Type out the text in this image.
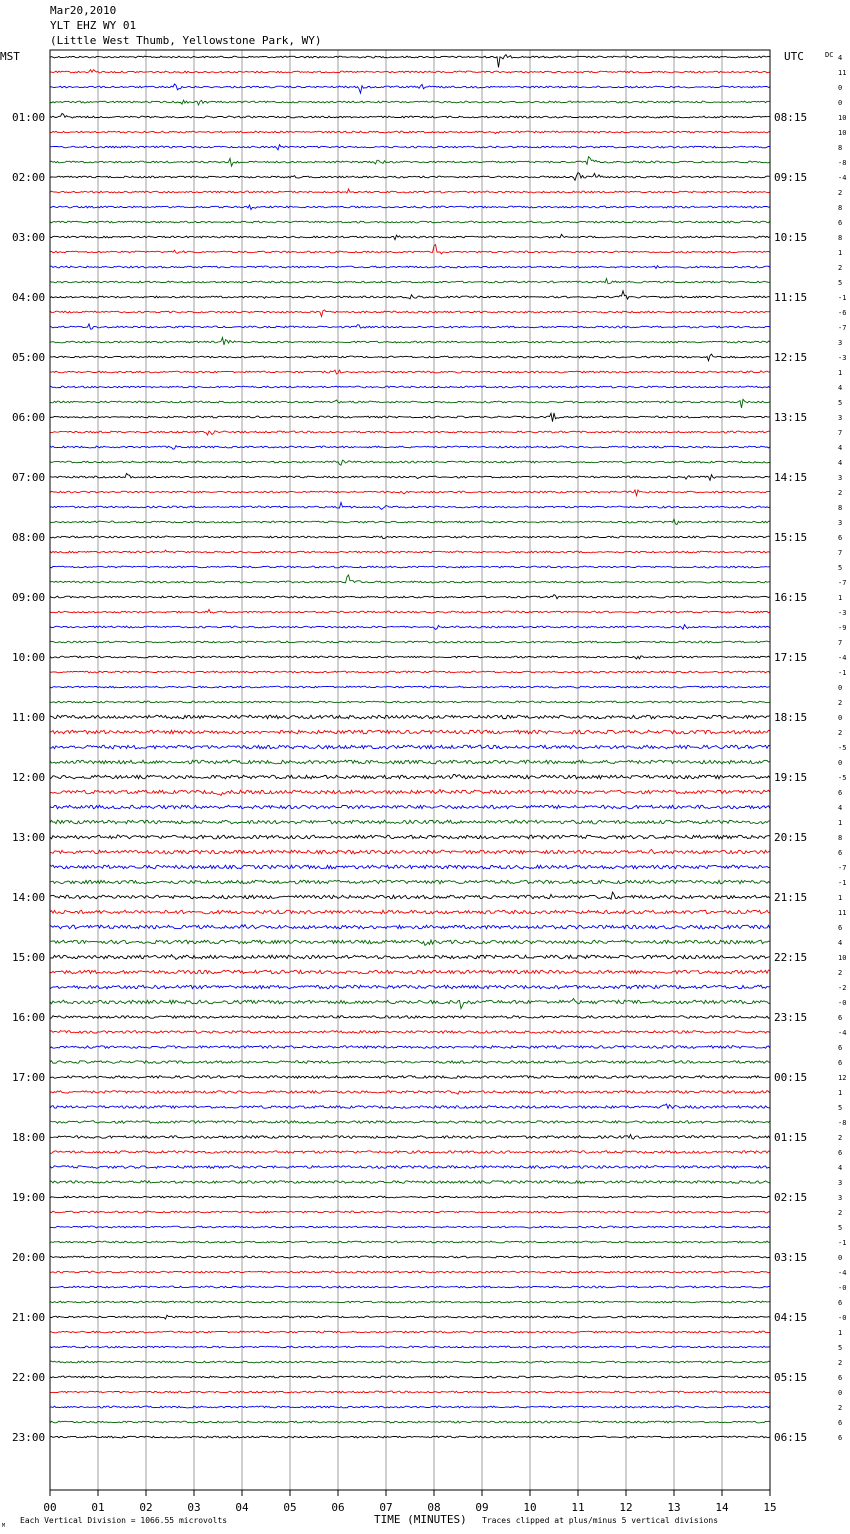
Mar20,2010
YLT EHZ WY 01
(Little West Thumb, Yellowstone Park, WY)
00	01	02	03	04	05	06	07	08	09	10	11	12	13	14	15
01:00
02:00
03:00
04:00
05:00
06:00
07:00
08:00
09:00
10:00
11:00
12:00
13:00
14:00
15:00
16:00
17:00
18:00
19:00
20:00
21:00
22:00
23:00
08:15
09:15
10:15
11:15
12:15
13:15
14:15
15:15
16:15
17:15
18:15
19:15
20:15
21:15
22:15
23:15
00:15
01:15
02:15
03:15
04:15
05:15
06:15
4
11
0
0
10
10
8
-8
-4
2
8
6
8
1
2
5
-1
-6
-7
3
-3
1
4
5
3
7
4
4
3
2
8
3
6
7
5
-7
1
-3
-9
7
-4
-1
0
2
0
2
-5
0
-5
6
4
1
8
6
-7
-1
1
11
6
4
10
2
-2
-0
6
-4
6
6
12
1
5
-8
2
6
4
3
3
2
5
-1
0
-4
-0
6
-0
1
5
2
6
0
2
6
6
MST	UTC	DC
Each Vertical Division = 1066.55 microvolts	TIME (MINUTES) Traces clipped at plus/minus 5 vertical divisions
M
